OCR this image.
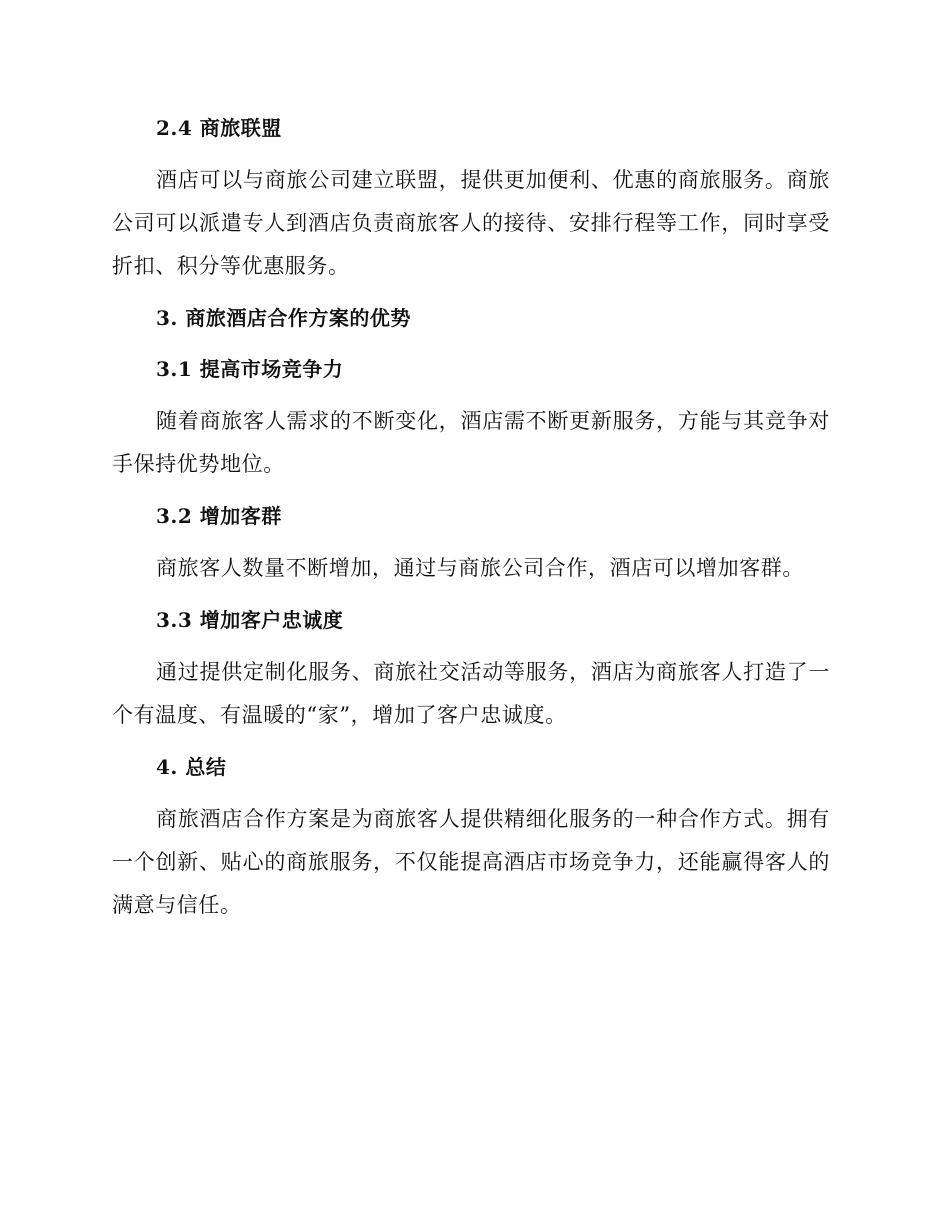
2.4 商旅联盟

酒店可以与商旅公司建立联盟，提供更加便利、优惠的商旅服务。商旅公司可以派遣专人到酒店负责商旅客人的接待、安排行程等工作，同时享受折扣、积分等优惠服务。

3. 商旅酒店合作方案的优势
3.1 提高市场竞争力

随着商旅客人需求的不断变化，酒店需不断更新服务，方能与其竞争对手保持优势地位。

3.2 增加客群

商旅客人数量不断增加，通过与商旅公司合作，酒店可以增加客群。

3.3 增加客户忠诚度

通过提供定制化服务、商旅社交活动等服务，酒店为商旅客人打造了一个有温度、有温暖的“家”，增加了客户忠诚度。

4. 总结

商旅酒店合作方案是为商旅客人提供精细化服务的一种合作方式。拥有一个创新、贴心的商旅服务，不仅能提高酒店市场竞争力，还能赢得客人的满意与信任。
